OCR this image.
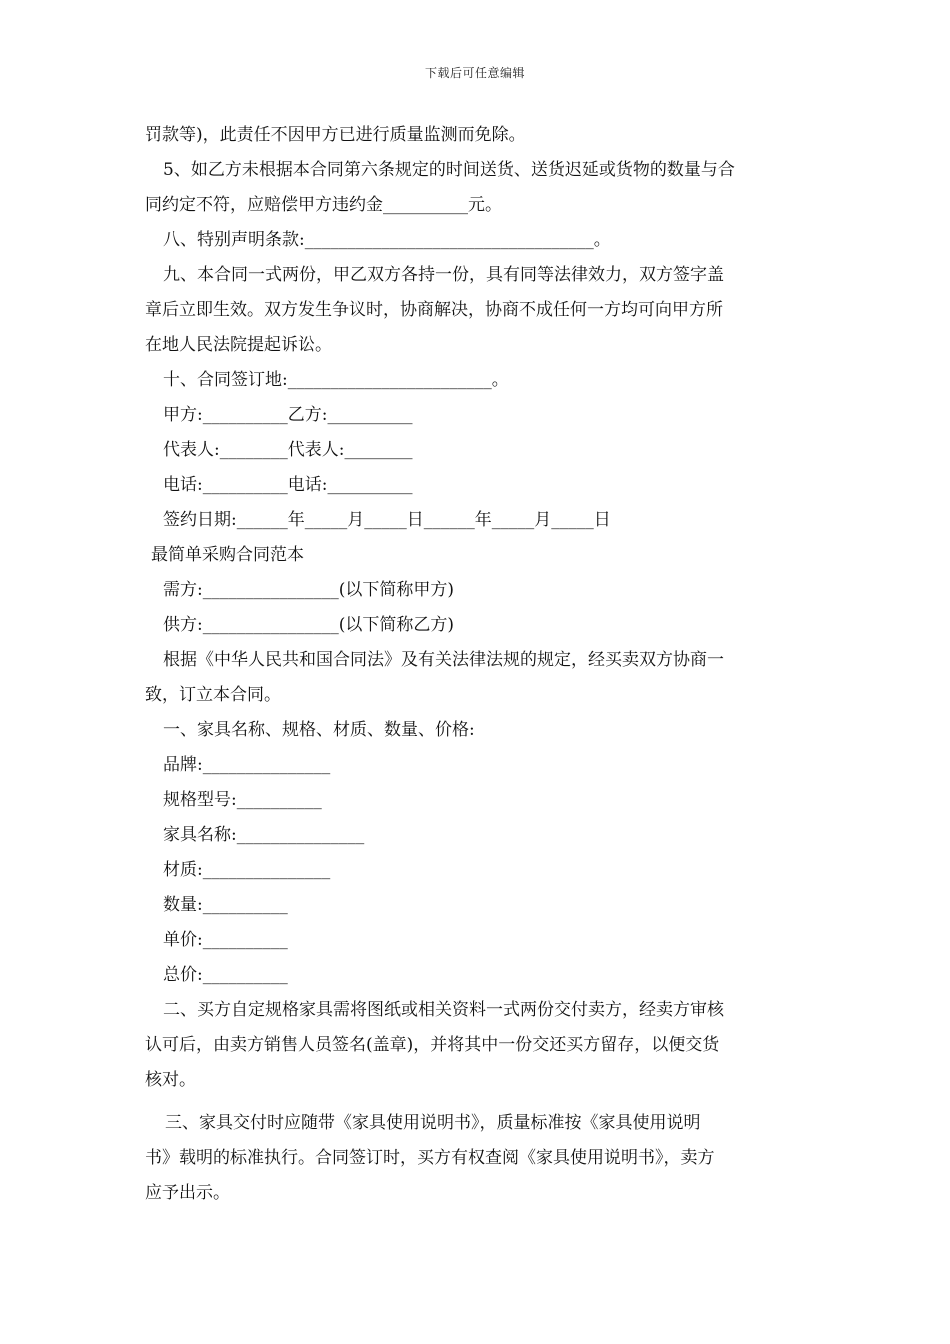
下载后可任意编辑

罚款等)，此责任不因甲方已进行质量监测而免除。

5、如乙方未根据本合同第六条规定的时间送货、送货迟延或货物的数量与合

同约定不符，应赔偿甲方违约金__________元。

八、特别声明条款:__________________________________。

九、本合同一式两份，甲乙双方各持一份，具有同等法律效力，双方签字盖

章后立即生效。双方发生争议时，协商解决，协商不成任何一方均可向甲方所

在地人民法院提起诉讼。

十、合同签订地:________________________。

甲方:__________乙方:__________

代表人:________代表人:________

电话:__________电话:__________

签约日期:______年_____月_____日______年_____月_____日

最简单采购合同范本

需方:________________(以下简称甲方)

供方:________________(以下简称乙方)

根据《中华人民共和国合同法》及有关法律法规的规定，经买卖双方协商一

致，订立本合同。

一、家具名称、规格、材质、数量、价格:

品牌:_______________

规格型号:__________

家具名称:_______________

材质:_______________

数量:__________

单价:__________

总价:__________

二、买方自定规格家具需将图纸或相关资料一式两份交付卖方，经卖方审核

认可后，由卖方销售人员签名(盖章)，并将其中一份交还买方留存，以便交货

核对。

三、家具交付时应随带《家具使用说明书》，质量标准按《家具使用说明

书》载明的标准执行。合同签订时，买方有权查阅《家具使用说明书》，卖方

应予出示。
